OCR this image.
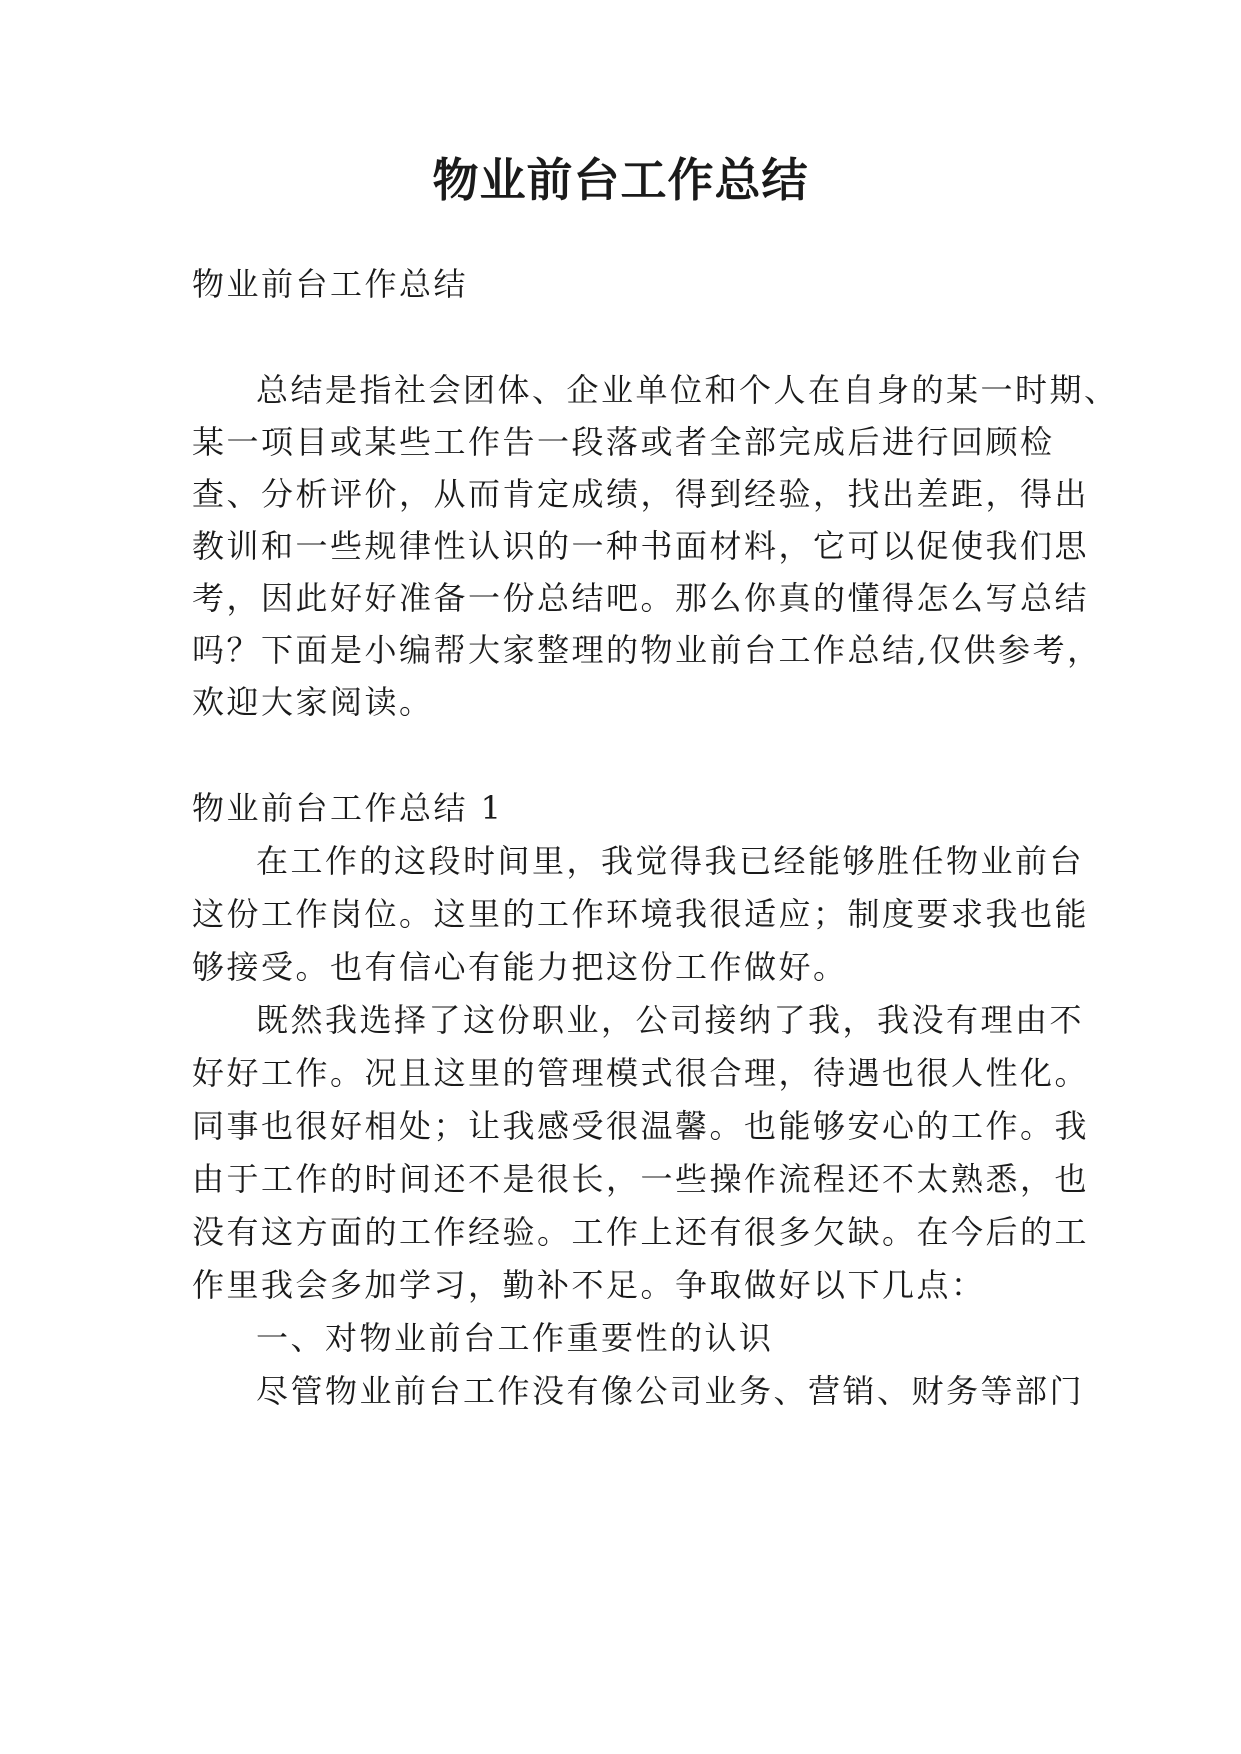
物业前台工作总结

物业前台工作总结

总结是指社会团体、企业单位和个人在自身的某一时期、

某一项目或某些工作告一段落或者全部完成后进行回顾检

查、分析评价，从而肯定成绩，得到经验，找出差距，得出

教训和一些规律性认识的一种书面材料，它可以促使我们思

考，因此好好准备一份总结吧。那么你真的懂得怎么写总结

吗？下面是小编帮大家整理的物业前台工作总结,仅供参考，

欢迎大家阅读。

物业前台工作总结 1

在工作的这段时间里，我觉得我已经能够胜任物业前台

这份工作岗位。这里的工作环境我很适应；制度要求我也能

够接受。也有信心有能力把这份工作做好。

既然我选择了这份职业，公司接纳了我，我没有理由不

好好工作。况且这里的管理模式很合理，待遇也很人性化。

同事也很好相处；让我感受很温馨。也能够安心的工作。我

由于工作的时间还不是很长，一些操作流程还不太熟悉，也

没有这方面的工作经验。工作上还有很多欠缺。在今后的工

作里我会多加学习，勤补不足。争取做好以下几点：

一、对物业前台工作重要性的认识

尽管物业前台工作没有像公司业务、营销、财务等部门
